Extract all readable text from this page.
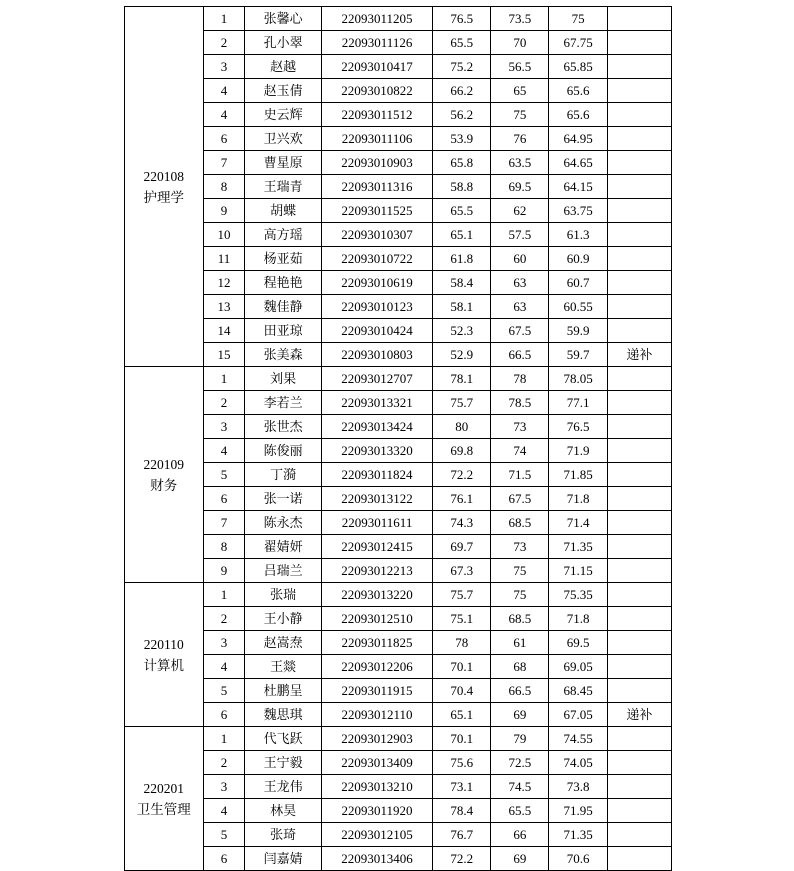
220108
护理学	1	张馨心	22093011205	76.5	73.5	75	
	2	孔小翠	22093011126	65.5	70	67.75	
	3	赵越	22093010417	75.2	56.5	65.85	
	4	赵玉倩	22093010822	66.2	65	65.6	
	4	史云辉	22093011512	56.2	75	65.6	
	6	卫兴欢	22093011106	53.9	76	64.95	
	7	曹星原	22093010903	65.8	63.5	64.65	
	8	王瑞青	22093011316	58.8	69.5	64.15	
	9	胡蝶	22093011525	65.5	62	63.75	
	10	高方瑶	22093010307	65.1	57.5	61.3	
	11	杨亚茹	22093010722	61.8	60	60.9	
	12	程艳艳	22093010619	58.4	63	60.7	
	13	魏佳静	22093010123	58.1	63	60.55	
	14	田亚琼	22093010424	52.3	67.5	59.9	
	15	张美森	22093010803	52.9	66.5	59.7	递补

220109
财务	1	刘果	22093012707	78.1	78	78.05	
	2	李若兰	22093013321	75.7	78.5	77.1	
	3	张世杰	22093013424	80	73	76.5	
	4	陈俊丽	22093013320	69.8	74	71.9	
	5	丁漪	22093011824	72.2	71.5	71.85	
	6	张一诺	22093013122	76.1	67.5	71.8	
	7	陈永杰	22093011611	74.3	68.5	71.4	
	8	翟婧妍	22093012415	69.7	73	71.35	
	9	吕瑞兰	22093012213	67.3	75	71.15	

220110
计算机	1	张瑞	22093013220	75.7	75	75.35	
	2	王小静	22093012510	75.1	68.5	71.8	
	3	赵嵩焘	22093011825	78	61	69.5	
	4	王燚	22093012206	70.1	68	69.05	
	5	杜鹏呈	22093011915	70.4	66.5	68.45	
	6	魏思琪	22093012110	65.1	69	67.05	递补

220201
卫生管理	1	代飞跃	22093012903	70.1	79	74.55	
	2	王宁毅	22093013409	75.6	72.5	74.05	
	3	王龙伟	22093013210	73.1	74.5	73.8	
	4	林昊	22093011920	78.4	65.5	71.95	
	5	张琦	22093012105	76.7	66	71.35	
	6	闫嘉婧	22093013406	72.2	69	70.6	
